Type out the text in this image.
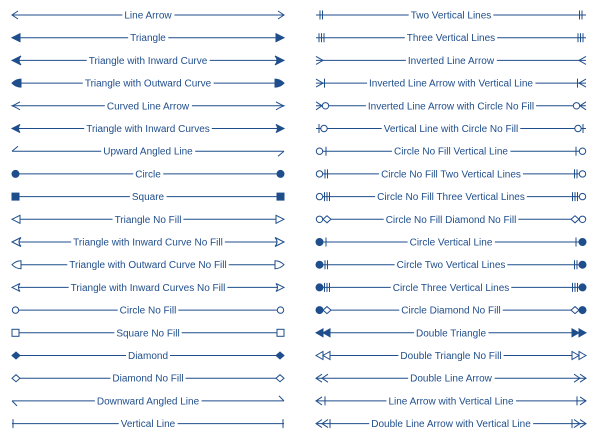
Line Arrow
Triangle
Triangle with Inward Curve
Triangle with Outward Curve
Curved Line Arrow
Triangle with Inward Curves
Upward Angled Line
Circle
Square
Triangle No Fill
Triangle with Inward Curve No Fill
Triangle with Outward Curve No Fill
Triangle with Inward Curves No Fill
Circle No Fill
Square No Fill
Diamond
Diamond No Fill
Downward Angled Line
Vertical Line
Two Vertical Lines
Three Vertical Lines
Inverted Line Arrow
Inverted Line Arrow with Vertical Line
Inverted Line Arrow with Circle No Fill
Vertical Line with Circle No Fill
Circle No Fill Vertical Line
Circle No Fill Two Vertical Lines
Circle No Fill Three Vertical Lines
Circle No Fill Diamond No Fill
Circle Vertical Line
Circle Two Vertical Lines
Circle Three Vertical Lines
Circle Diamond No Fill
Double Triangle
Double Triangle No Fill
Double Line Arrow
Line Arrow with Vertical Line
Double Line Arrow with Vertical Line
